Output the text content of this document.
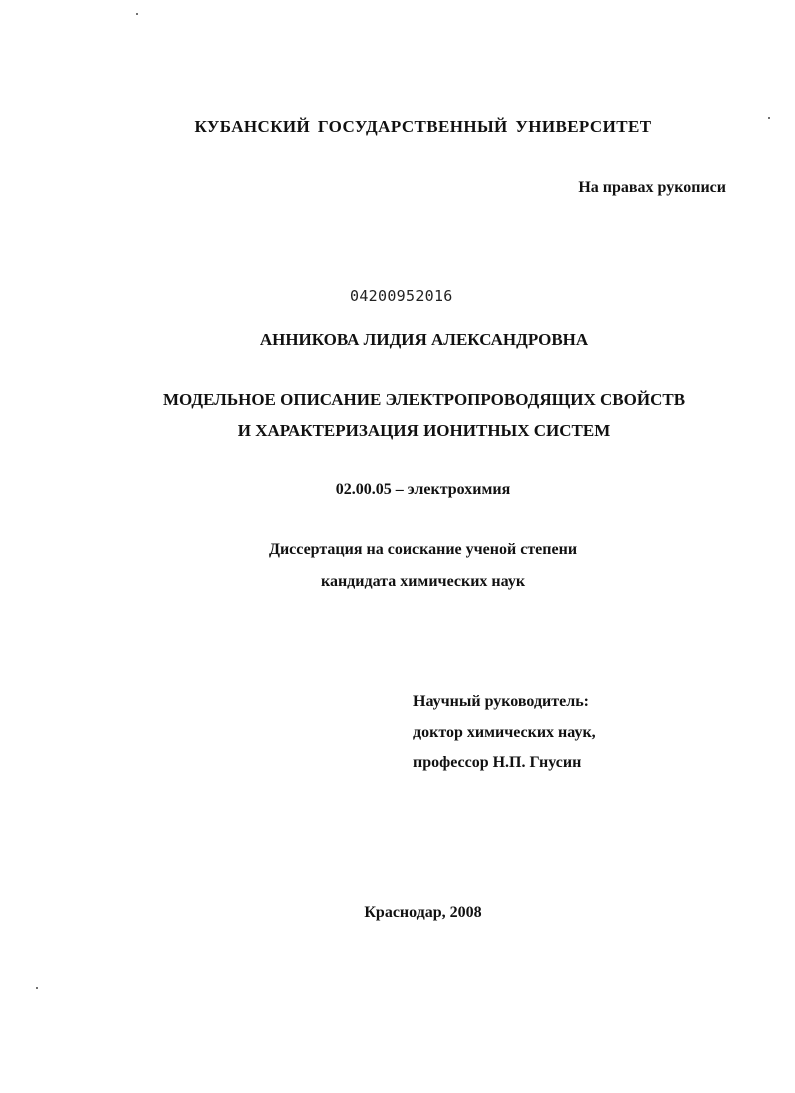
КУБАНСКИЙ ГОСУДАРСТВЕННЫЙ УНИВЕРСИТЕТ
На правах рукописи
04200952016
АННИКОВА ЛИДИЯ АЛЕКСАНДРОВНА
МОДЕЛЬНОЕ ОПИСАНИЕ ЭЛЕКТРОПРОВОДЯЩИХ СВОЙСТВ
И ХАРАКТЕРИЗАЦИЯ ИОНИТНЫХ СИСТЕМ
02.00.05 – электрохимия
Диссертация на соискание ученой степени
кандидата химических наук
Научный руководитель:
доктор химических наук,
профессор Н.П. Гнусин
Краснодар, 2008
